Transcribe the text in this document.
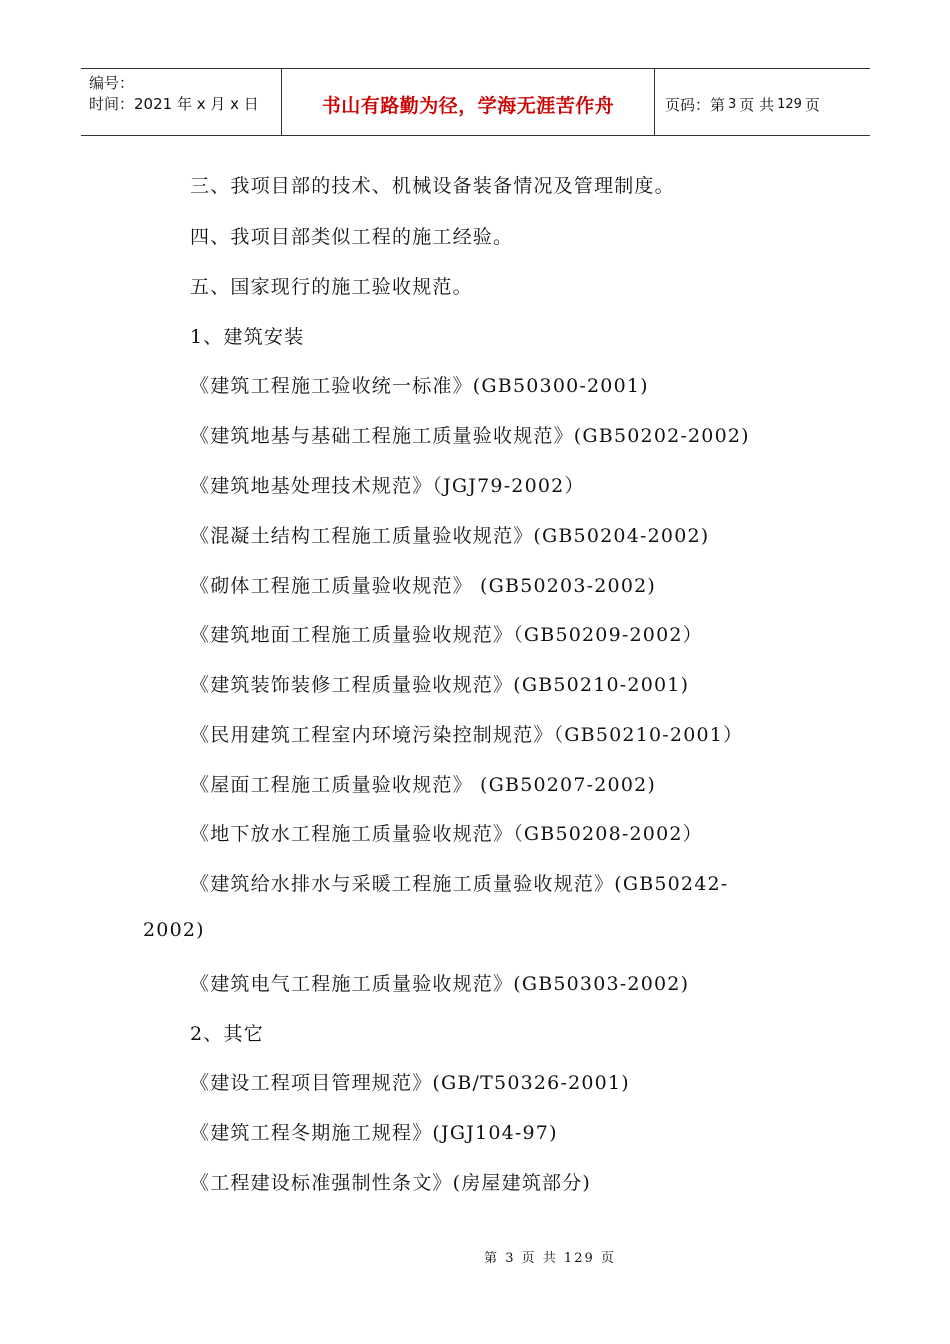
编号：
时间：2021 年 x 月 x 日	书山有路勤为径，学海无涯苦作舟	页码：第 3 页 共 129 页
三、我项目部的技术、机械设备装备情况及管理制度。
四、我项目部类似工程的施工经验。
五、国家现行的施工验收规范。
1、建筑安装
《建筑工程施工验收统一标准》(GB50300-2001)
《建筑地基与基础工程施工质量验收规范》(GB50202-2002)
《建筑地基处理技术规范》（JGJ79-2002）
《混凝土结构工程施工质量验收规范》(GB50204-2002)
《砌体工程施工质量验收规范》 (GB50203-2002)
《建筑地面工程施工质量验收规范》（GB50209-2002）
《建筑装饰装修工程质量验收规范》(GB50210-2001)
《民用建筑工程室内环境污染控制规范》（GB50210-2001）
《屋面工程施工质量验收规范》 (GB50207-2002)
《地下放水工程施工质量验收规范》（GB50208-2002）
《建筑给水排水与采暖工程施工质量验收规范》(GB50242-
2002)
《建筑电气工程施工质量验收规范》(GB50303-2002)
2、其它
《建设工程项目管理规范》(GB/T50326-2001)
《建筑工程冬期施工规程》(JGJ104-97)
《工程建设标准强制性条文》(房屋建筑部分)
第 3 页 共 129 页
